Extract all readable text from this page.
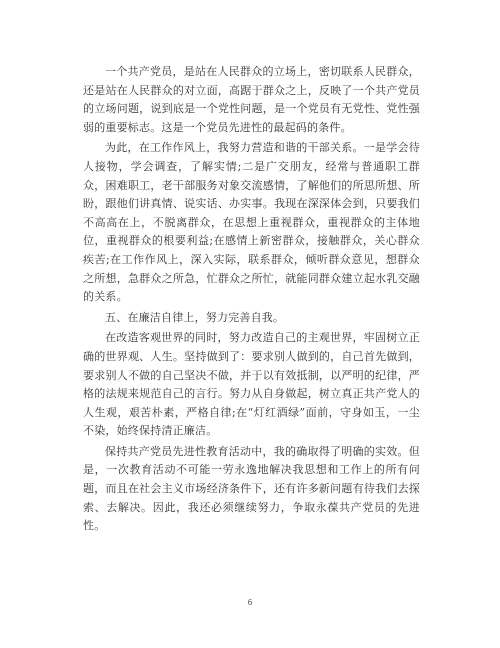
一个共产党员，是站在人民群众的立场上，密切联系人民群众，还是站在人民群众的对立面，高踞于群众之上，反映了一个共产党员的立场问题，说到底是一个党性问题，是一个党员有无党性、党性强弱的重要标志。这是一个党员先进性的最起码的条件。

为此，在工作作风上，我努力营造和谐的干部关系。一是学会待人接物，学会调查，了解实情;二是广交朋友，经常与普通职工群众，困难职工，老干部服务对象交流感情，了解他们的所思所想、所盼，跟他们讲真情、说实话、办实事。我现在深深体会到，只要我们不高高在上，不脱离群众，在思想上重视群众，重视群众的主体地位，重视群众的根要利益;在感情上新密群众，接触群众，关心群众疾苦;在工作作风上，深入实际，联系群众，倾听群众意见，想群众之所想，急群众之所急，忙群众之所忙，就能同群众建立起水乳交融的关系。

五、在廉洁自律上，努力完善自我。

在改造客观世界的同时，努力改造自己的主观世界，牢固树立正确的世界观、人生。坚持做到了：要求别人做到的，自己首先做到，要求别人不做的自己坚决不做，并于以有效抵制，以严明的纪律，严格的法规来规范自己的言行。努力从自身做起，树立真正共产党人的人生观，艰苦朴素，严格自律;在“灯红酒绿”面前，守身如玉，一尘不染，始终保持清正廉洁。

保持共产党员先进性教育活动中，我的确取得了明确的实效。但是，一次教育活动不可能一劳永逸地解决我思想和工作上的所有问题，而且在社会主义市场经济条件下，还有许多新问题有待我们去探索、去解决。因此，我还必须继续努力，争取永葆共产党员的先进性。

6
